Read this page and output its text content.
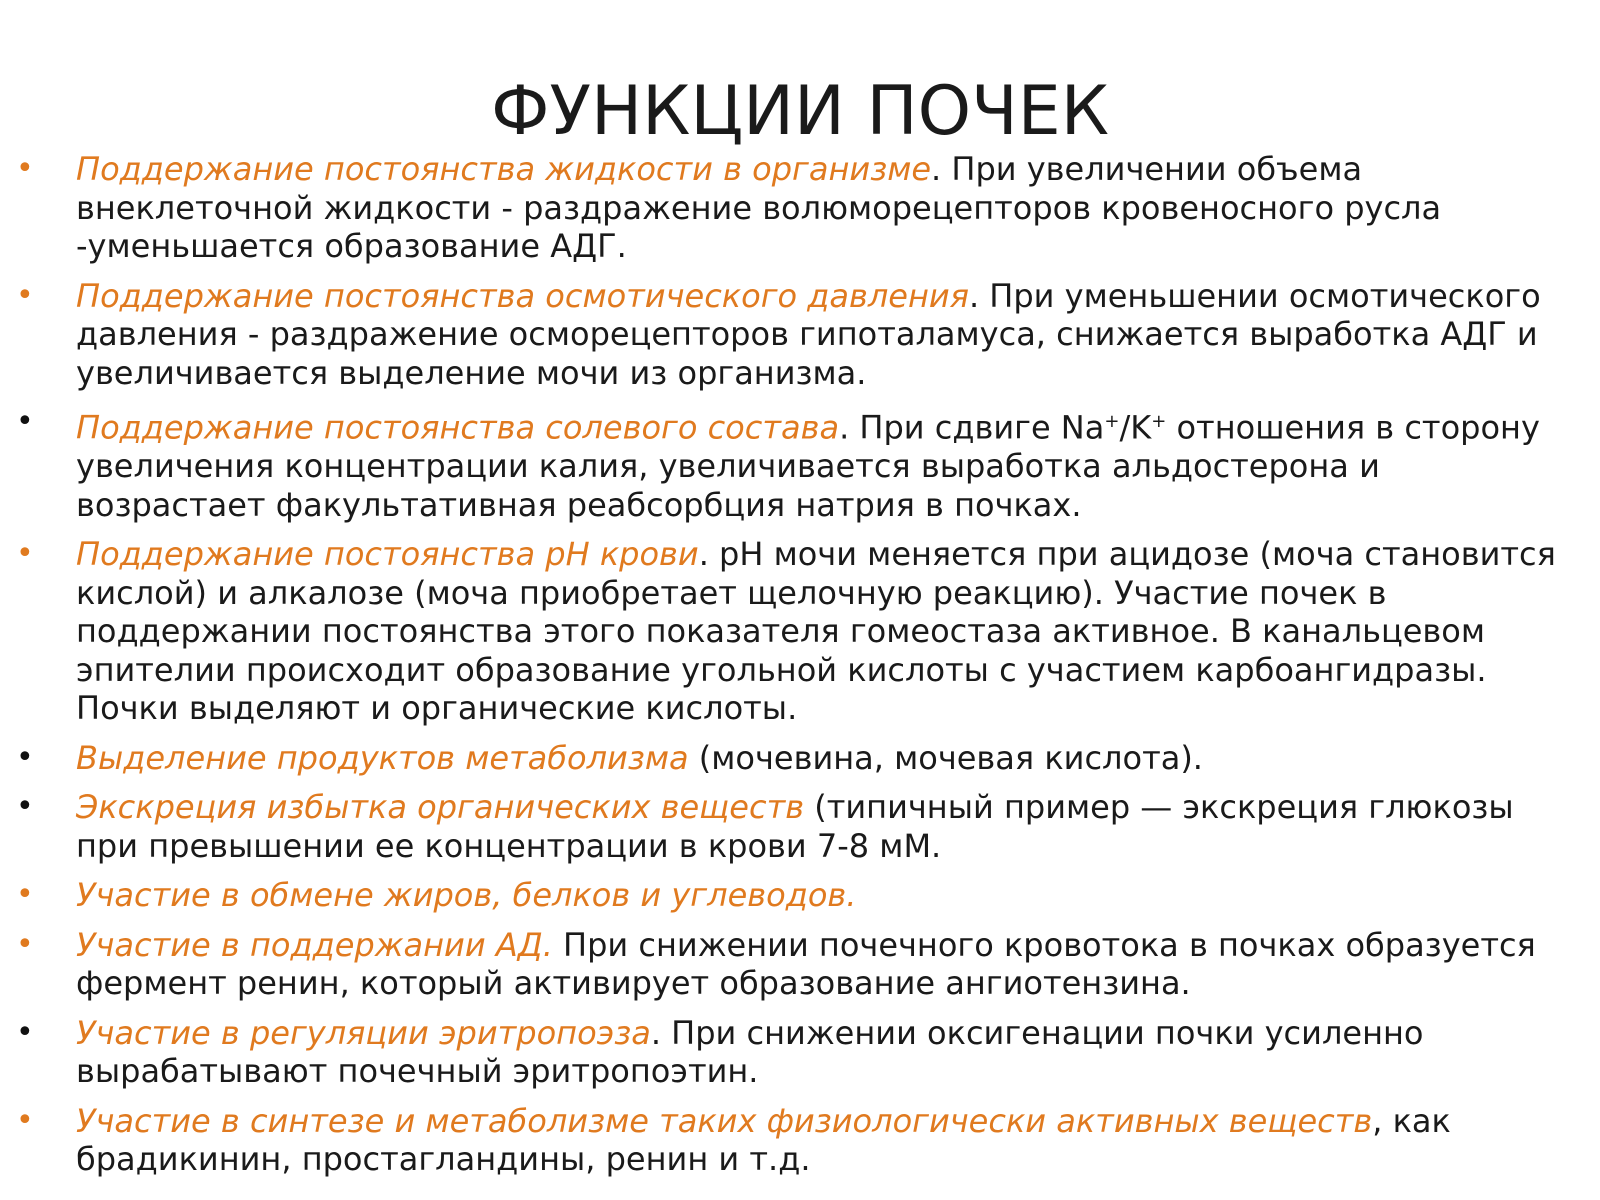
ФУНКЦИИ ПОЧЕК
• Поддержание постоянства жидкости в организме. При увеличении объема внеклеточной жидкости - раздражение волюморецепторов кровеносного русла -уменьшается образование АДГ.
• Поддержание постоянства осмотического давления. При уменьшении осмотического давления - раздражение осморецепторов гипоталамуса, снижается выработка АДГ и увеличивается выделение мочи из организма.
• Поддержание постоянства солевого состава. При сдвиге Na+/K+ отношения в сторону увеличения концентрации калия, увеличивается выработка альдостерона и возрастает факультативная реабсорбция натрия в почках.
• Поддержание постоянства pH крови. pH мочи меняется при ацидозе (моча становится кислой) и алкалозе (моча приобретает щелочную реакцию). Участие почек в поддержании постоянства этого показателя гомеостаза активное. В канальцевом эпителии происходит образование угольной кислоты с участием карбоангидразы. Почки выделяют и органические кислоты.
• Выделение продуктов метаболизма (мочевина, мочевая кислота).
• Экскреция избытка органических веществ (типичный пример — экскреция глюкозы при превышении ее концентрации в крови 7-8 мМ.
• Участие в обмене жиров, белков и углеводов.
• Участие в поддержании АД. При снижении почечного кровотока в почках образуется фермент ренин, который активирует образование ангиотензина.
• Участие в регуляции эритропоэза. При снижении оксигенации почки усиленно вырабатывают почечный эритропоэтин.
• Участие в синтезе и метаболизме таких физиологически активных веществ, как брадикинин, простагландины, ренин и т.д.
